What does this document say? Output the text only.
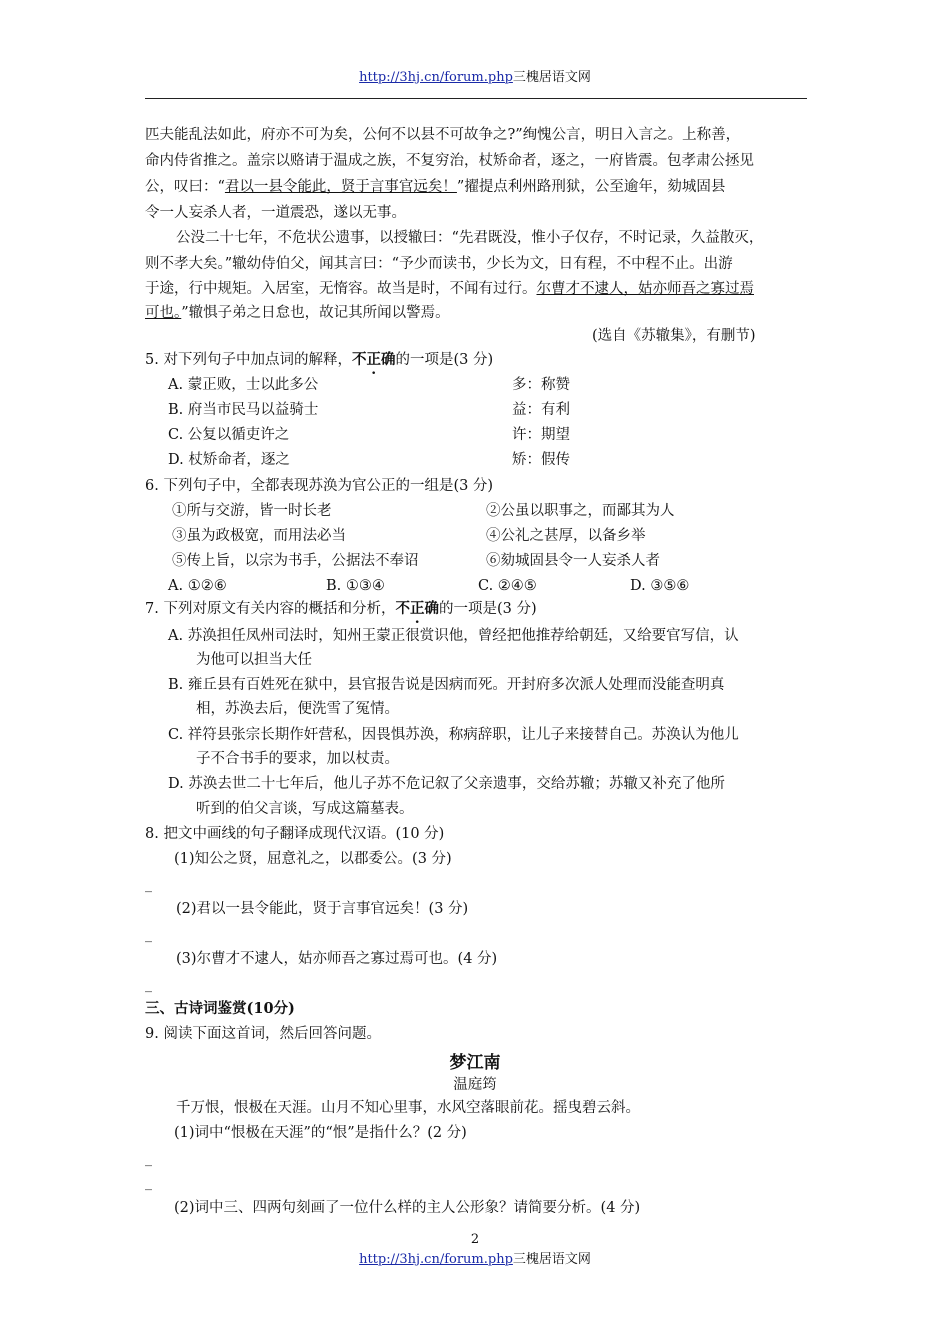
http://3hj.cn/forum.php三槐居语文网
匹夫能乱法如此，府亦不可为矣，公何不以县不可故争之?”绚愧公言，明日入言之。上称善，
命内侍省推之。盖宗以赂请于温成之族，不复穷治，杖矫命者，逐之，一府皆震。包孝肃公拯见
公，叹曰：“君以一县令能此，贤于言事官远矣！”擢提点利州路刑狱，公至逾年，劾城固县
令一人妄杀人者，一道震恐，遂以无事。
公没二十七年，不危状公遗事，以授辙曰：“先君既没，惟小子仅存，不时记录，久益散灭，
则不孝大矣。”辙幼侍伯父，闻其言曰：“予少而读书，少长为文，日有程，不中程不止。出游
于途，行中规矩。入居室，无惰容。故当是时，不闻有过行。尔曹才不逮人，姑亦师吾之寡过焉
可也。”辙惧子弟之日怠也，故记其所闻以警焉。
(选自《苏辙集》，有删节)
5. 对下列句子中加点词的解释，不正确的一项是(3 分)
A. 蒙正败，士以此多公	多：称赞
B. 府当市民马以益骑士	益：有利
C. 公复以循吏许之	许：期望
D. 杖矫命者，逐之	矫：假传
6. 下列句子中，全都表现苏涣为官公正的一组是(3 分)
①所与交游，皆一时长老	②公虽以职事之，而鄙其为人
③虽为政极宽，而用法必当	④公礼之甚厚，以备乡举
⑤传上旨，以宗为书手，公据法不奉诏	⑥劾城固县令一人妄杀人者
A. ①②⑥	B. ①③④	C. ②④⑤	D. ③⑤⑥
7. 下列对原文有关内容的概括和分析，不正确的一项是(3 分)
A. 苏涣担任凤州司法时，知州王蒙正很赏识他，曾经把他推荐给朝廷，又给要官写信，认
为他可以担当大任
B. 雍丘县有百姓死在狱中，县官报告说是因病而死。开封府多次派人处理而没能查明真
相，苏涣去后，便洗雪了冤情。
C. 祥符县张宗长期作奸营私，因畏惧苏涣，称病辞职，让儿子来接替自己。苏涣认为他儿
子不合书手的要求，加以杖责。
D. 苏涣去世二十七年后，他儿子苏不危记叙了父亲遗事，交给苏辙；苏辙又补充了他所
听到的伯父言谈，写成这篇墓表。
8. 把文中画线的句子翻译成现代汉语。(10 分)
(1)知公之贤，屈意礼之，以郡委公。(3 分)
_
(2)君以一县令能此，贤于言事官远矣！(3 分)
_
(3)尔曹才不逮人，姑亦师吾之寡过焉可也。(4 分)
_
三、古诗词鉴赏(10分)
9. 阅读下面这首词，然后回答问题。
梦江南
温庭筠
千万恨，恨极在天涯。山月不知心里事，水风空落眼前花。摇曳碧云斜。
(1)词中“恨极在天涯”的“恨”是指什么？(2 分)
_
_
(2)词中三、四两句刻画了一位什么样的主人公形象？请简要分析。(4 分)
2
http://3hj.cn/forum.php三槐居语文网
